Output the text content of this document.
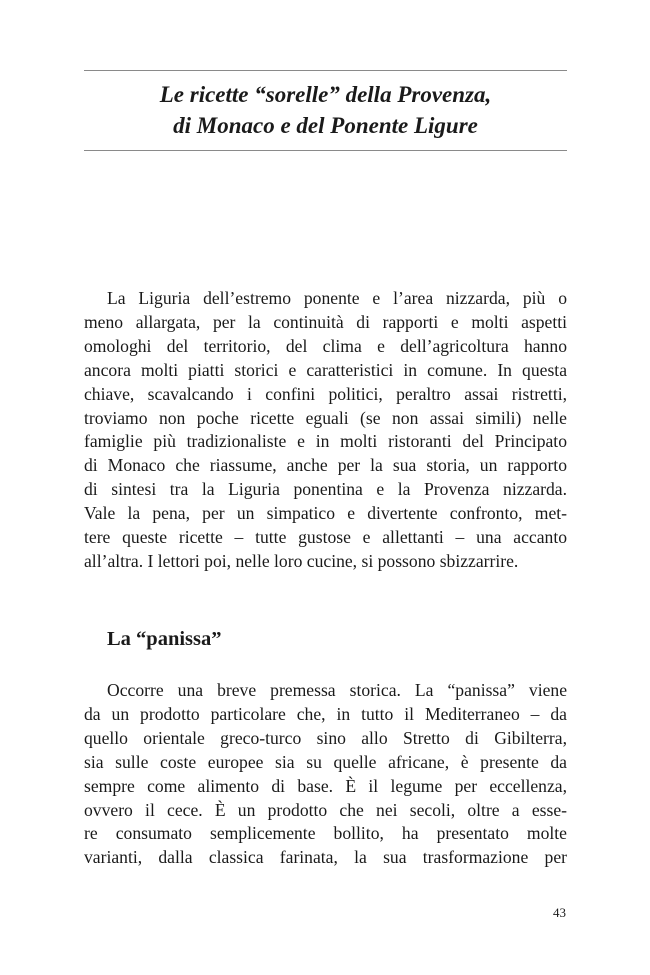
Le ricette “sorelle” della Provenza,
di Monaco e del Ponente Ligure

La Liguria dell’estremo ponente e l’area nizzarda, più o
meno allargata, per la continuità di rapporti e molti aspetti
omologhi del territorio, del clima e dell’agricoltura hanno
ancora molti piatti storici e caratteristici in comune. In questa
chiave, scavalcando i confini politici, peraltro assai ristretti,
troviamo non poche ricette eguali (se non assai simili) nelle
famiglie più tradizionaliste e in molti ristoranti del Principato
di Monaco che riassume, anche per la sua storia, un rapporto
di sintesi tra la Liguria ponentina e la Provenza nizzarda.
Vale la pena, per un simpatico e divertente confronto, met-
tere queste ricette – tutte gustose e allettanti – una accanto
all’altra. I lettori poi, nelle loro cucine, si possono sbizzarrire.

La “panissa”

Occorre una breve premessa storica. La “panissa” viene
da un prodotto particolare che, in tutto il Mediterraneo – da
quello orientale greco-turco sino allo Stretto di Gibilterra,
sia sulle coste europee sia su quelle africane, è presente da
sempre come alimento di base. È il legume per eccellenza,
ovvero il cece. È un prodotto che nei secoli, oltre a esse-
re consumato semplicemente bollito, ha presentato molte
varianti, dalla classica farinata, la sua trasformazione per

43
